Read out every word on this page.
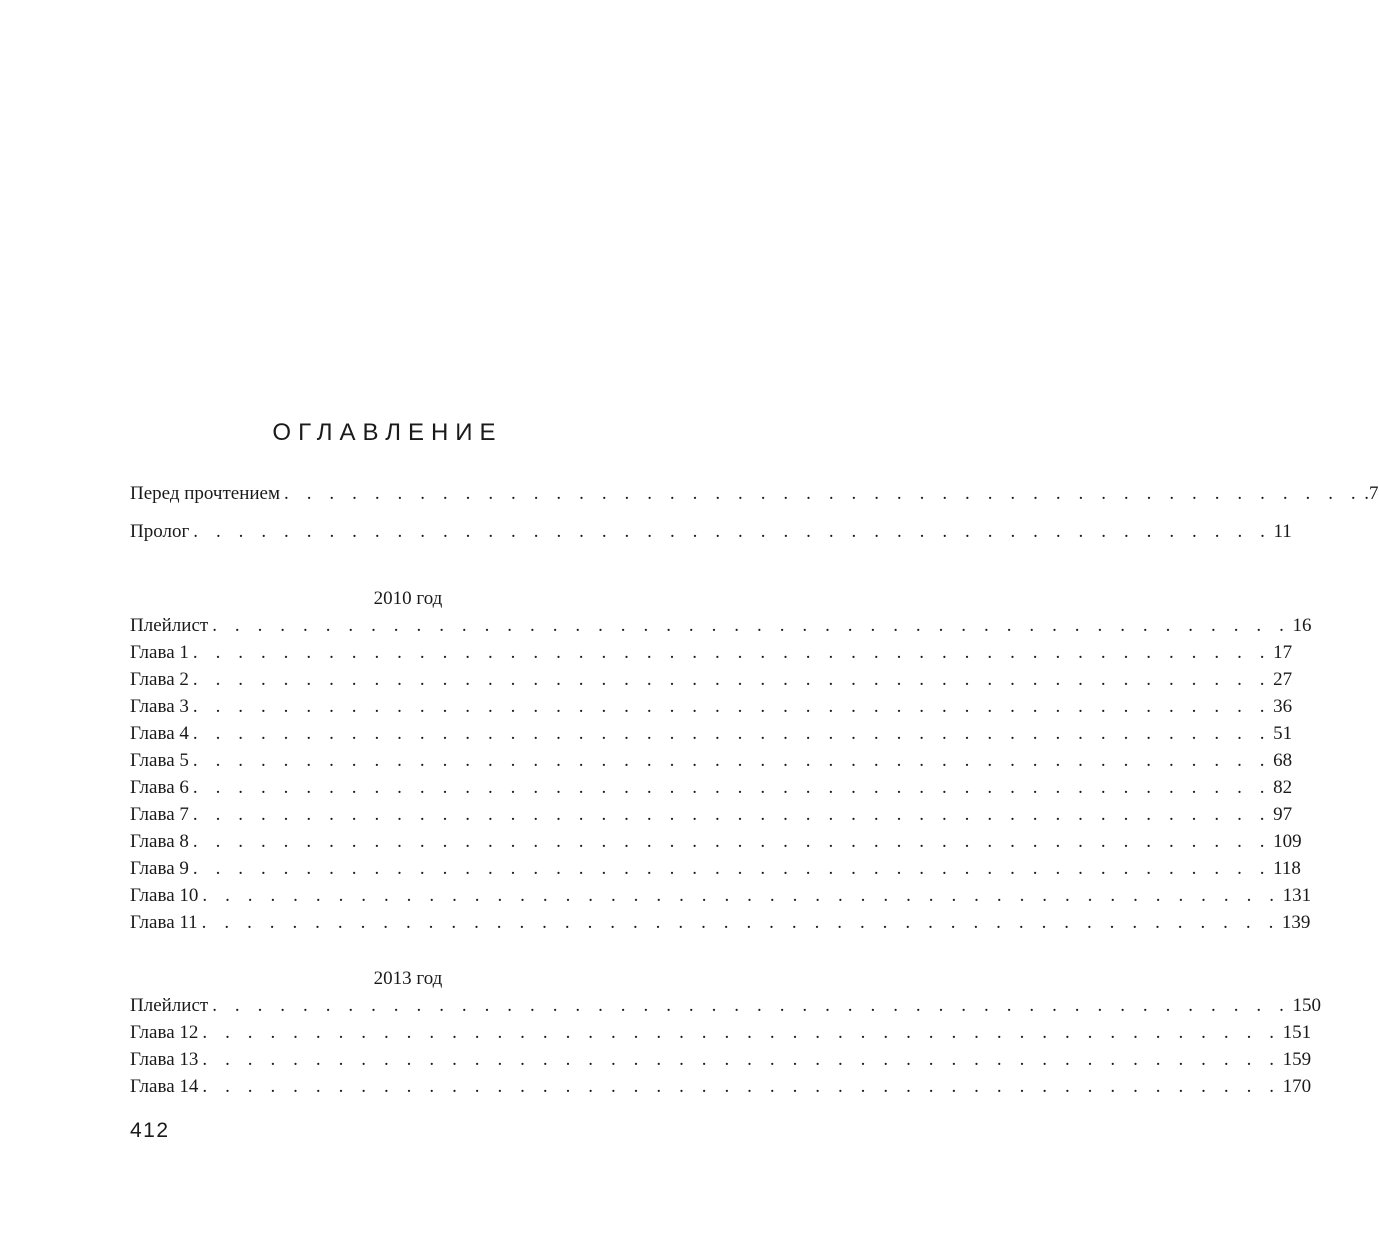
ОГЛАВЛЕНИЕ
Перед прочтением . . . . . . . . . . . . . . . . . . . . . . . . . . . . . . . . . . . . . . . . . . . . . . . . .7
Пролог . . . . . . . . . . . . . . . . . . . . . . . . . . . . . . . . . . . . . . . . . . . . . . . . 11
2010 год
Плейлист . . . . . . . . . . . . . . . . . . . . . . . . . . . . . . . . . . . . . . . . . . . . . . . . 16
Глава 1 . . . . . . . . . . . . . . . . . . . . . . . . . . . . . . . . . . . . . . . . . . . . . . . . 17
Глава 2 . . . . . . . . . . . . . . . . . . . . . . . . . . . . . . . . . . . . . . . . . . . . . . . . 27
Глава 3 . . . . . . . . . . . . . . . . . . . . . . . . . . . . . . . . . . . . . . . . . . . . . . . . 36
Глава 4 . . . . . . . . . . . . . . . . . . . . . . . . . . . . . . . . . . . . . . . . . . . . . . . . 51
Глава 5 . . . . . . . . . . . . . . . . . . . . . . . . . . . . . . . . . . . . . . . . . . . . . . . . 68
Глава 6 . . . . . . . . . . . . . . . . . . . . . . . . . . . . . . . . . . . . . . . . . . . . . . . . 82
Глава 7 . . . . . . . . . . . . . . . . . . . . . . . . . . . . . . . . . . . . . . . . . . . . . . . . 97
Глава 8 . . . . . . . . . . . . . . . . . . . . . . . . . . . . . . . . . . . . . . . . . . . . . . . . 109
Глава 9 . . . . . . . . . . . . . . . . . . . . . . . . . . . . . . . . . . . . . . . . . . . . . . . . 118
Глава 10 . . . . . . . . . . . . . . . . . . . . . . . . . . . . . . . . . . . . . . . . . . . . . . . . 131
Глава 11 . . . . . . . . . . . . . . . . . . . . . . . . . . . . . . . . . . . . . . . . . . . . . . . . 139
2013 год
Плейлист . . . . . . . . . . . . . . . . . . . . . . . . . . . . . . . . . . . . . . . . . . . . . . . . 150
Глава 12 . . . . . . . . . . . . . . . . . . . . . . . . . . . . . . . . . . . . . . . . . . . . . . . . 151
Глава 13 . . . . . . . . . . . . . . . . . . . . . . . . . . . . . . . . . . . . . . . . . . . . . . . . 159
Глава 14 . . . . . . . . . . . . . . . . . . . . . . . . . . . . . . . . . . . . . . . . . . . . . . . . 170
412
